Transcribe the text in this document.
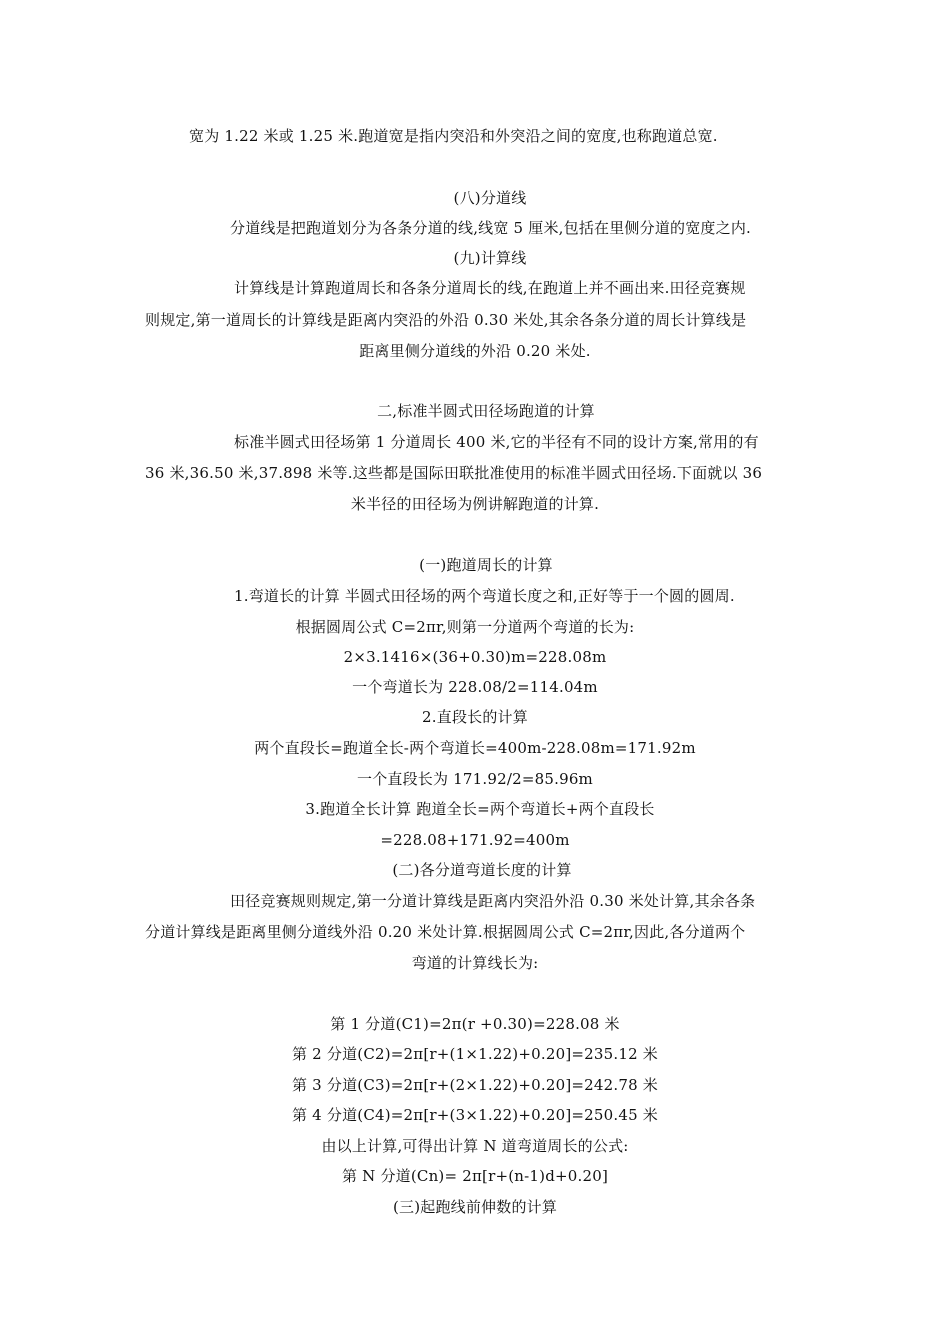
宽为 1.22 米或 1.25 米.跑道宽是指内突沿和外突沿之间的宽度,也称跑道总宽.
(八)分道线
分道线是把跑道划分为各条分道的线,线宽 5 厘米,包括在里侧分道的宽度之内.
(九)计算线
计算线是计算跑道周长和各条分道周长的线,在跑道上并不画出来.田径竞赛规
则规定,第一道周长的计算线是距离内突沿的外沿 0.30 米处,其余各条分道的周长计算线是
距离里侧分道线的外沿 0.20 米处.
二,标准半圆式田径场跑道的计算
标准半圆式田径场第 1 分道周长 400 米,它的半径有不同的设计方案,常用的有
36 米,36.50 米,37.898 米等.这些都是国际田联批准使用的标准半圆式田径场.下面就以 36
米半径的田径场为例讲解跑道的计算.
(一)跑道周长的计算
1.弯道长的计算 半圆式田径场的两个弯道长度之和,正好等于一个圆的圆周.
根据圆周公式 C=2πr,则第一分道两个弯道的长为:
2×3.1416×(36+0.30)m=228.08m
一个弯道长为 228.08/2=114.04m
2.直段长的计算
两个直段长=跑道全长-两个弯道长=400m-228.08m=171.92m
一个直段长为 171.92/2=85.96m
3.跑道全长计算 跑道全长=两个弯道长+两个直段长
=228.08+171.92=400m
(二)各分道弯道长度的计算
田径竞赛规则规定,第一分道计算线是距离内突沿外沿 0.30 米处计算,其余各条
分道计算线是距离里侧分道线外沿 0.20 米处计算.根据圆周公式 C=2πr,因此,各分道两个
弯道的计算线长为:
第 1 分道(C1)=2π(r +0.30)=228.08 米
第 2 分道(C2)=2π[r+(1×1.22)+0.20]=235.12 米
第 3 分道(C3)=2π[r+(2×1.22)+0.20]=242.78 米
第 4 分道(C4)=2π[r+(3×1.22)+0.20]=250.45 米
由以上计算,可得出计算 N 道弯道周长的公式:
第 N 分道(Cn)= 2π[r+(n-1)d+0.20]
(三)起跑线前伸数的计算
